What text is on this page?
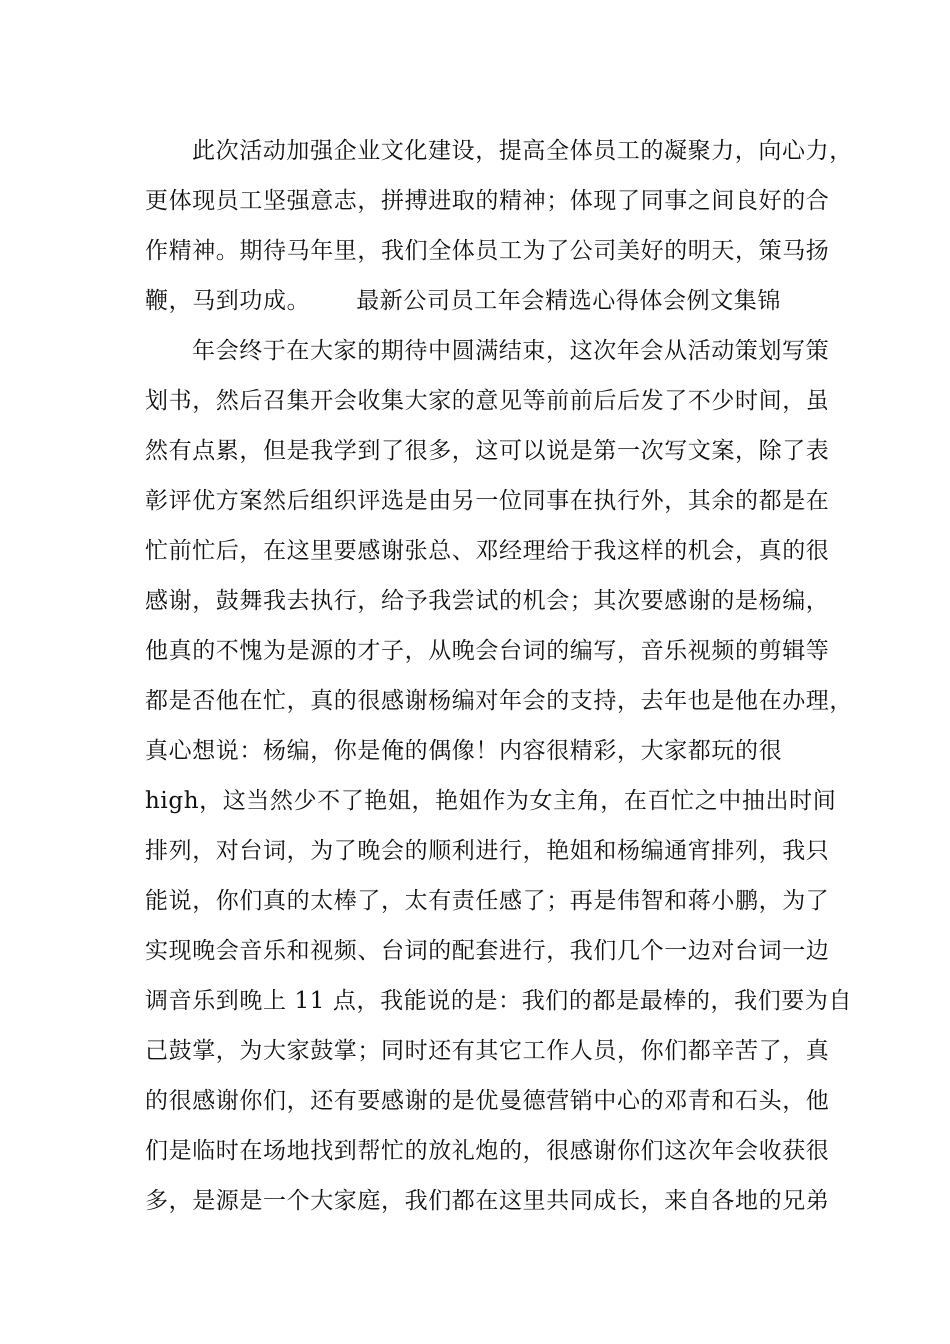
此次活动加强企业文化建设，提高全体员工的凝聚力，向心力，
更体现员工坚强意志，拼搏进取的精神；体现了同事之间良好的合
作精神。期待马年里，我们全体员工为了公司美好的明天，策马扬
鞭，马到功成。 最新公司员工年会精选心得体会例文集锦
年会终于在大家的期待中圆满结束，这次年会从活动策划写策
划书，然后召集开会收集大家的意见等前前后后发了不少时间，虽
然有点累，但是我学到了很多，这可以说是第一次写文案，除了表
彰评优方案然后组织评选是由另一位同事在执行外，其余的都是在
忙前忙后，在这里要感谢张总、邓经理给于我这样的机会，真的很
感谢，鼓舞我去执行，给予我尝试的机会；其次要感谢的是杨编，
他真的不愧为是源的才子，从晚会台词的编写，音乐视频的剪辑等
都是否他在忙，真的很感谢杨编对年会的支持，去年也是他在办理，
真心想说：杨编，你是俺的偶像！内容很精彩，大家都玩的很
high，这当然少不了艳姐，艳姐作为女主角，在百忙之中抽出时间
排列，对台词，为了晚会的顺利进行，艳姐和杨编通宵排列，我只
能说，你们真的太棒了，太有责任感了；再是伟智和蒋小鹏，为了
实现晚会音乐和视频、台词的配套进行，我们几个一边对台词一边
调音乐到晚上 11 点，我能说的是：我们的都是最棒的，我们要为自
己鼓掌，为大家鼓掌；同时还有其它工作人员，你们都辛苦了，真
的很感谢你们，还有要感谢的是优曼德营销中心的邓青和石头，他
们是临时在场地找到帮忙的放礼炮的，很感谢你们这次年会收获很
多，是源是一个大家庭，我们都在这里共同成长，来自各地的兄弟
